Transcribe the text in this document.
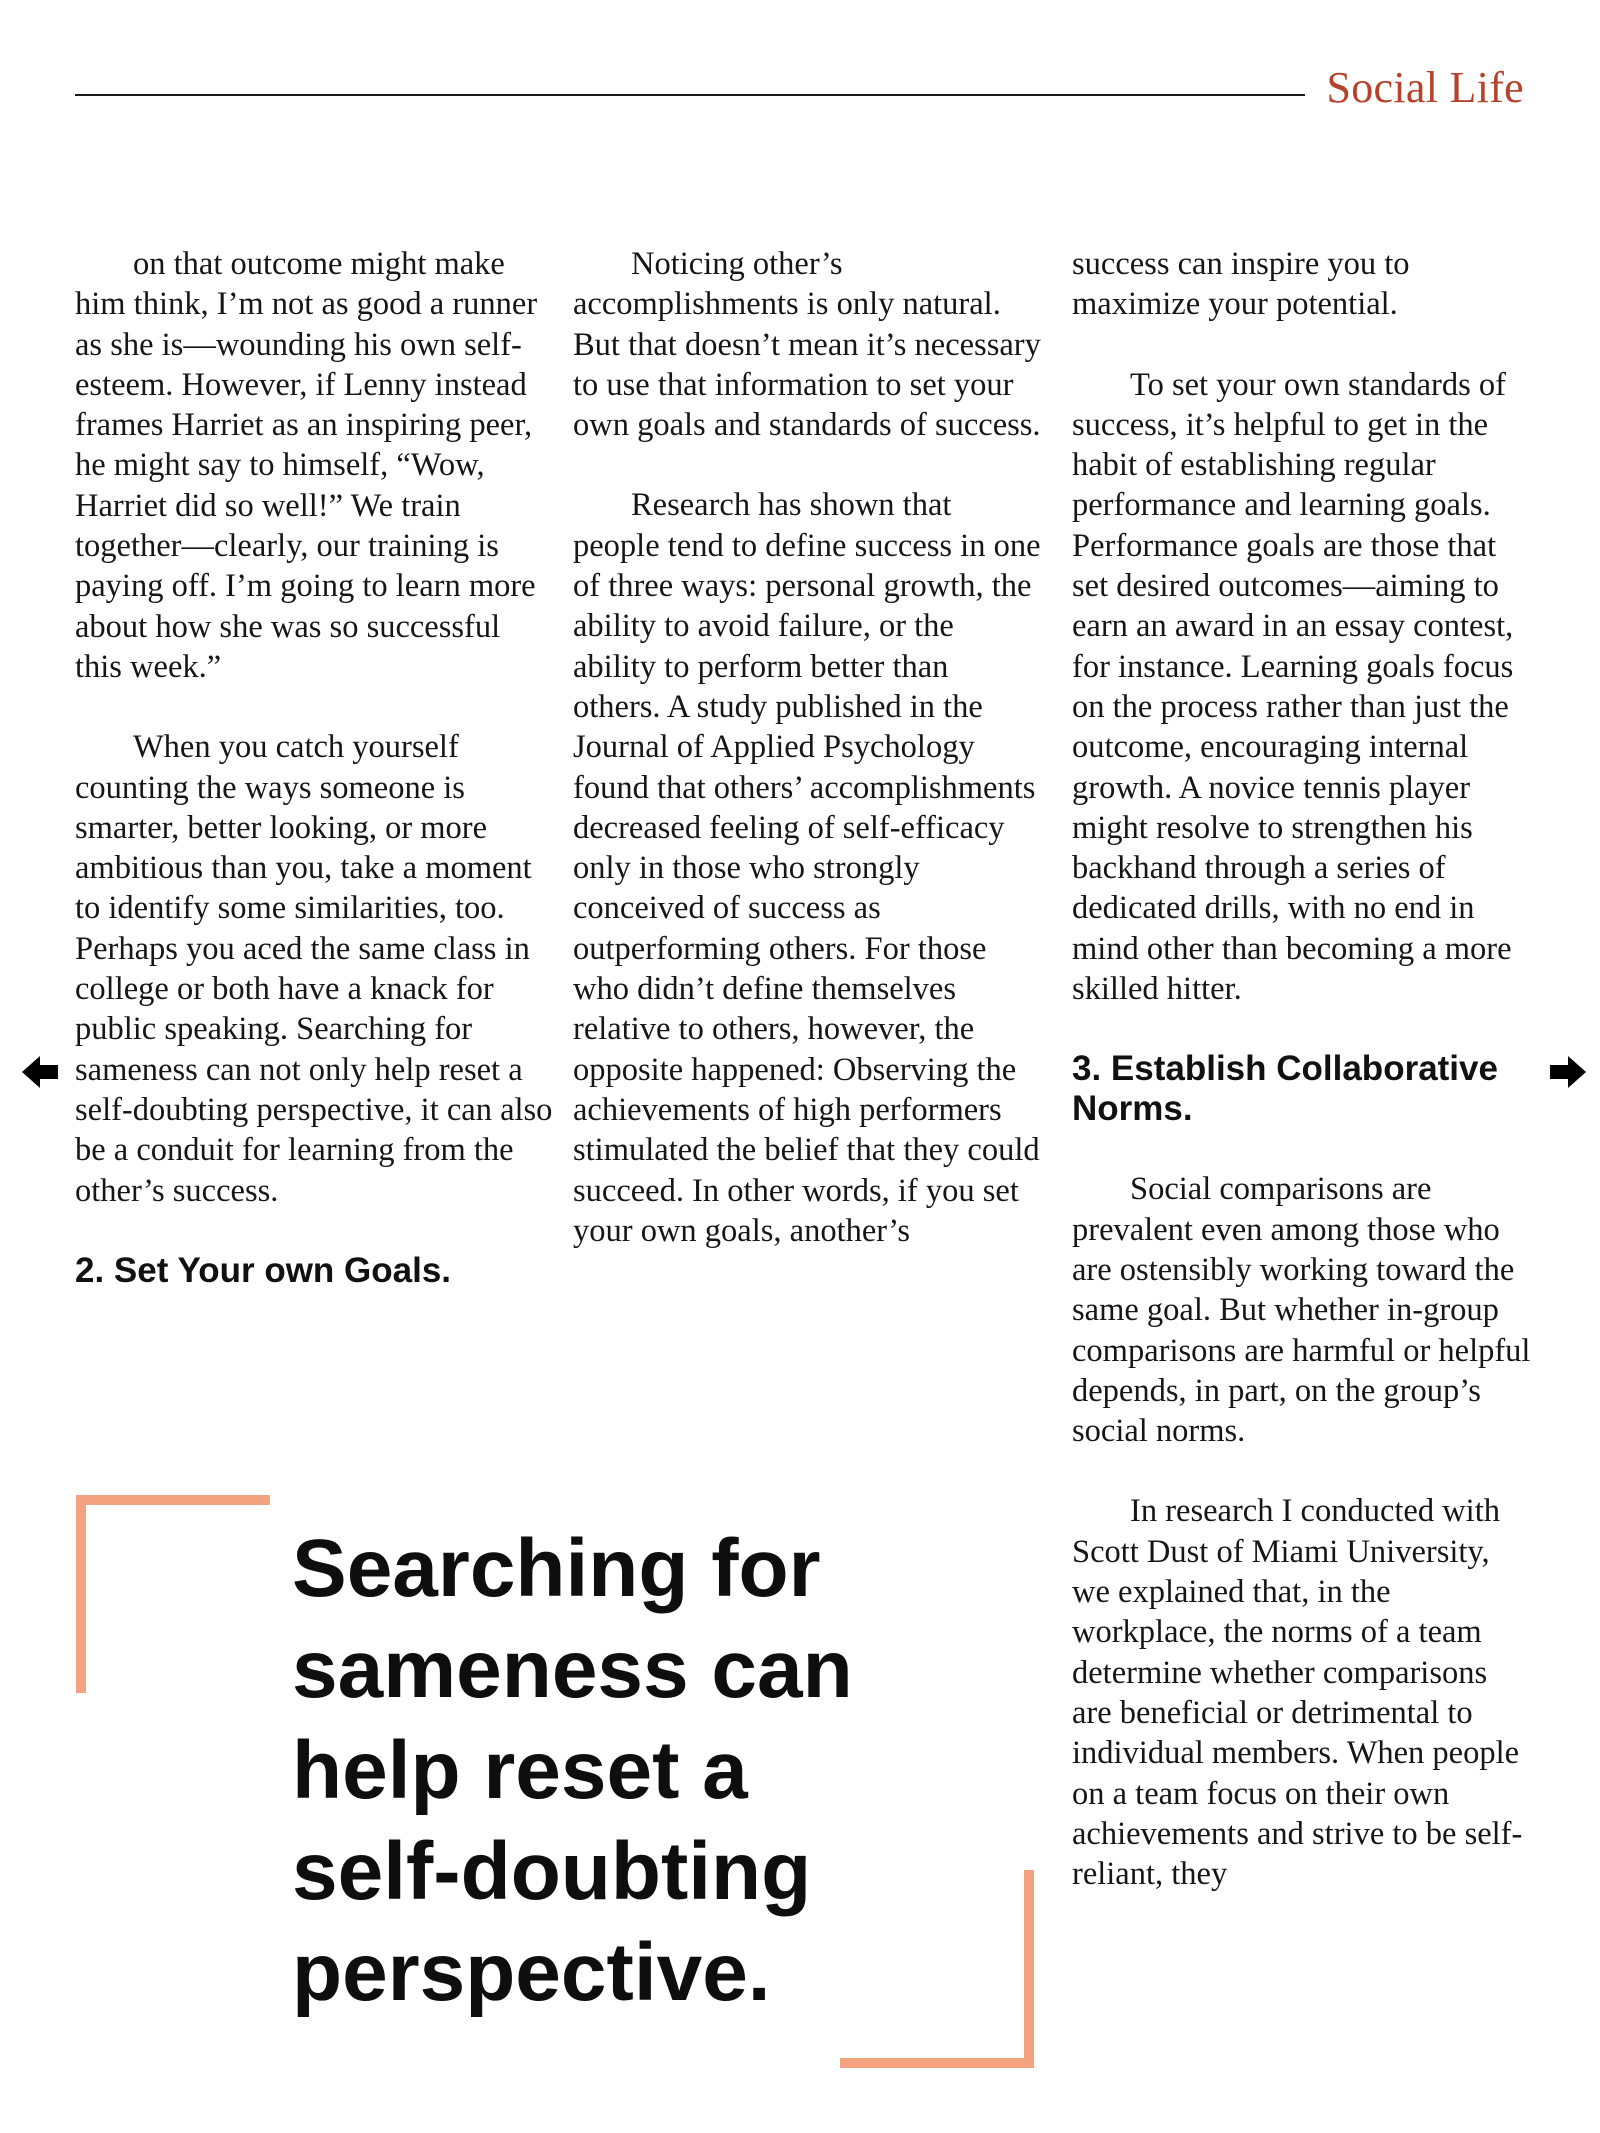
Social Life

on that outcome might make him think, I’m not as good a runner as she is—wounding his own self-esteem. However, if Lenny instead frames Harriet as an inspiring peer, he might say to himself, “Wow, Harriet did so well!” We train together—clearly, our training is paying off. I’m going to learn more about how she was so successful this week.”

When you catch yourself counting the ways someone is smarter, better looking, or more ambitious than you, take a moment to identify some similarities, too. Perhaps you aced the same class in college or both have a knack for public speaking. Searching for sameness can not only help reset a self-doubting perspective, it can also be a conduit for learning from the other’s success.

2. Set Your own Goals.

Noticing other’s accomplishments is only natural. But that doesn’t mean it’s necessary to use that information to set your own goals and standards of success.

Research has shown that people tend to define success in one of three ways: personal growth, the ability to avoid failure, or the ability to perform better than others. A study published in the Journal of Applied Psychology found that others’ accomplishments decreased feeling of self-efficacy only in those who strongly conceived of success as outperforming others. For those who didn’t define themselves relative to others, however, the opposite happened: Observing the achievements of high performers stimulated the belief that they could succeed. In other words, if you set your own goals, another’s

success can inspire you to maximize your potential.

To set your own standards of success, it’s helpful to get in the habit of establishing regular performance and learning goals. Performance goals are those that set desired outcomes—aiming to earn an award in an essay contest, for instance. Learning goals focus on the process rather than just the outcome, encouraging internal growth. A novice tennis player might resolve to strengthen his backhand through a series of dedicated drills, with no end in mind other than becoming a more skilled hitter.

3. Establish Collaborative Norms.

Social comparisons are prevalent even among those who are ostensibly working toward the same goal. But whether in-group comparisons are harmful or helpful depends, in part, on the group’s social norms.

In research I conducted with Scott Dust of Miami University, we explained that, in the workplace, the norms of a team determine whether comparisons are beneficial or detrimental to individual members. When people on a team focus on their own achievements and strive to be self-reliant, they

Searching for sameness can help reset a self-doubting perspective.
